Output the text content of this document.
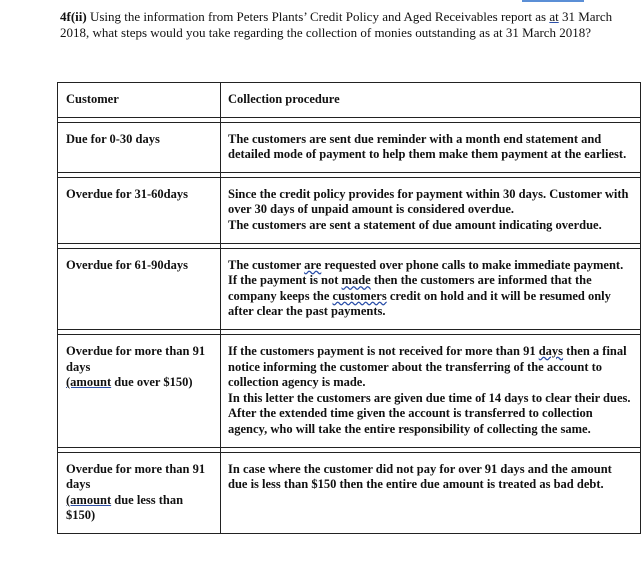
4f(ii) Using the information from Peters Plants’ Credit Policy and Aged Receivables report as at 31 March 2018, what steps would you take regarding the collection of monies outstanding as at 31 March 2018?
Customer	Collection procedure

Due for 0-30 days	The customers are sent due reminder with a month end statement and detailed mode of payment to help them make them payment at the earliest.

Overdue for 31-60days	Since the credit policy provides for payment within 30 days. Customer with over 30 days of unpaid amount is considered overdue.
The customers are sent a statement of due amount indicating overdue.

Overdue for 61-90days	The customer are requested over phone calls to make immediate payment. If the payment is not made then the customers are informed that the company keeps the customers credit on hold and it will be resumed only after clear the past payments.

Overdue for more than 91 days
(amount due over $150)	If the customers payment is not received for more than 91 days then a final notice informing the customer about the transferring of the account to collection agency is made.
In this letter the customers are given due time of 14 days to clear their dues. After the extended time given the account is transferred to collection agency, who will take the entire responsibility of collecting the same.

Overdue for more than 91 days
(amount due less than $150)	In case where the customer did not pay for over 91 days and the amount due is less than $150 then the entire due amount is treated as bad debt.
